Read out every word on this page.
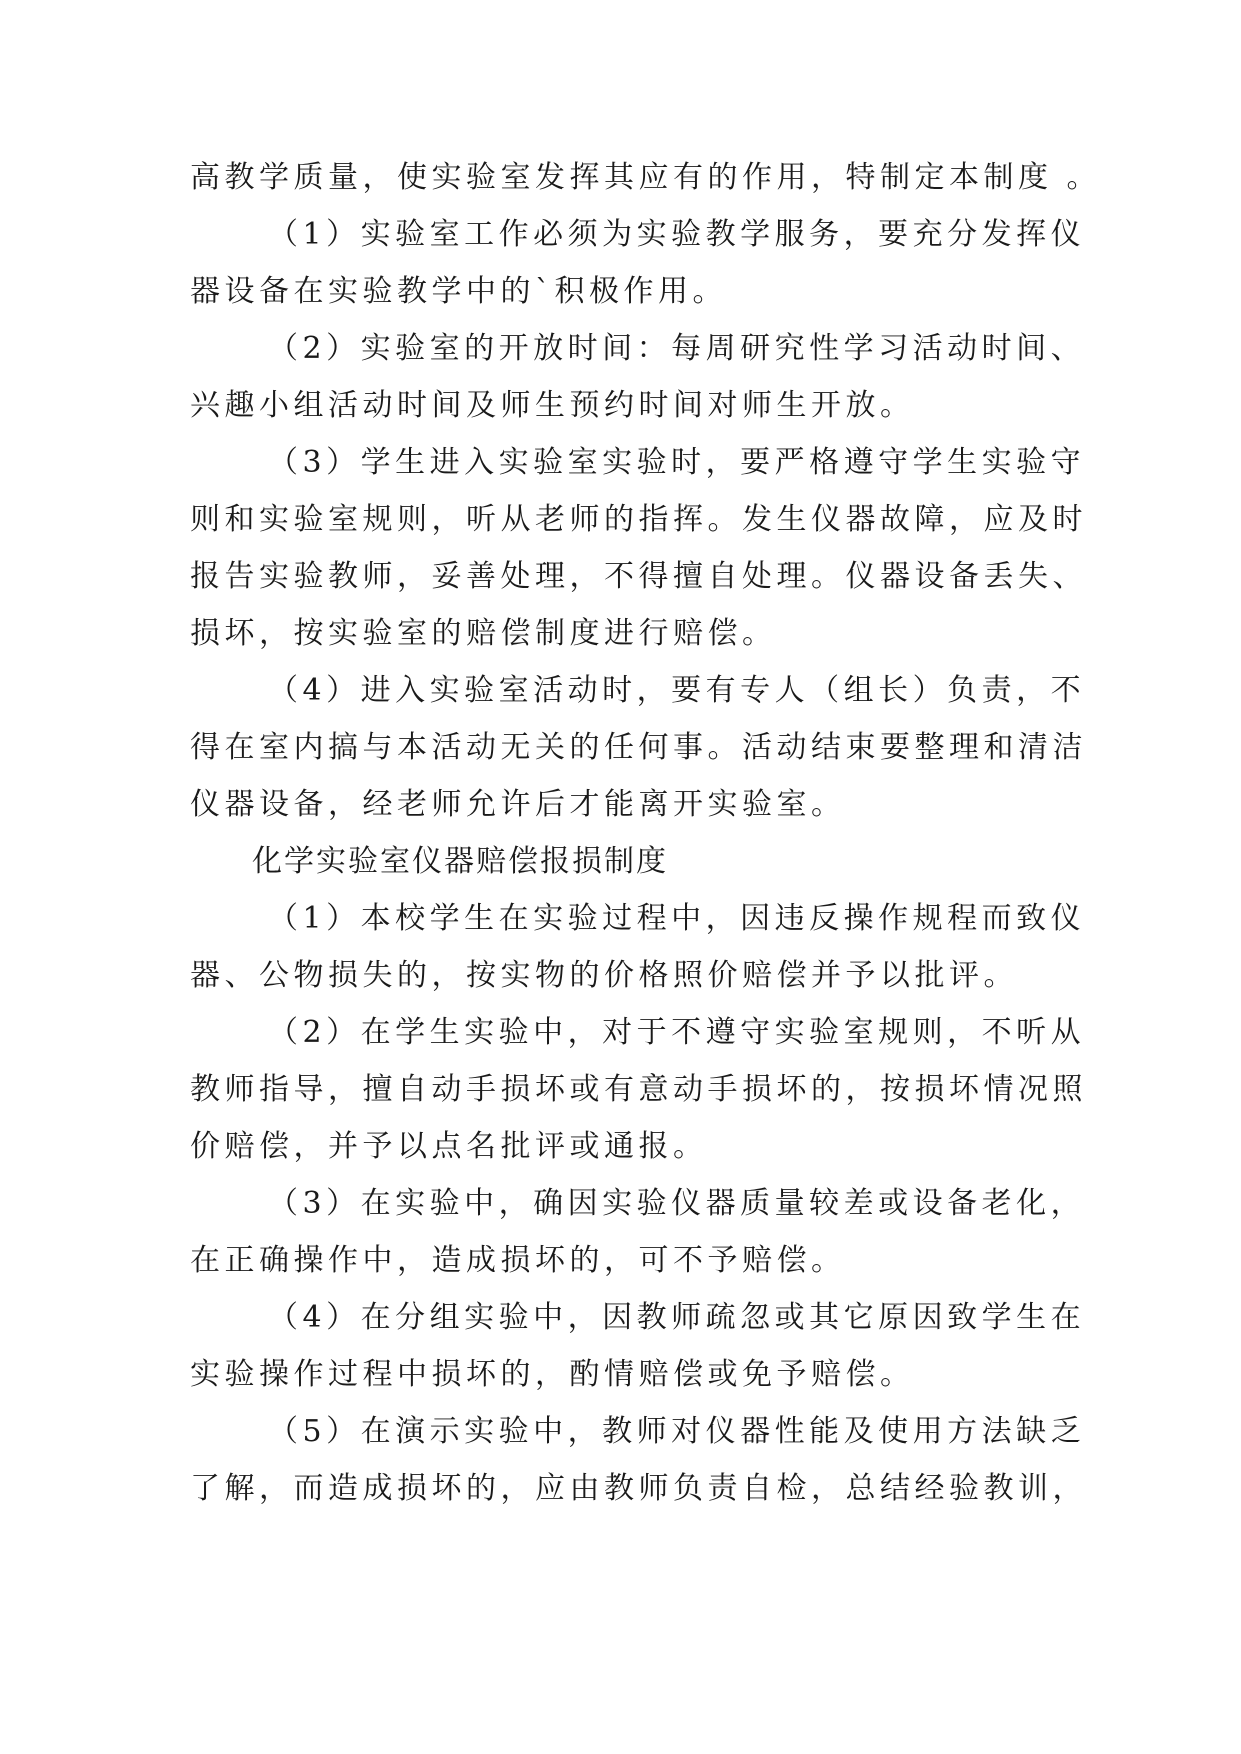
高教学质量，使实验室发挥其应有的作用，特制定本制度 。
（1）实验室工作必须为实验教学服务，要充分发挥仪
器设备在实验教学中的`积极作用。
（2）实验室的开放时间：每周研究性学习活动时间、
兴趣小组活动时间及师生预约时间对师生开放。
（3）学生进入实验室实验时，要严格遵守学生实验守
则和实验室规则，听从老师的指挥。发生仪器故障，应及时
报告实验教师，妥善处理，不得擅自处理。仪器设备丢失、
损坏，按实验室的赔偿制度进行赔偿。
（4）进入实验室活动时，要有专人（组长）负责，不
得在室内搞与本活动无关的任何事。活动结束要整理和清洁
仪器设备，经老师允许后才能离开实验室。
化学实验室仪器赔偿报损制度
（1）本校学生在实验过程中，因违反操作规程而致仪
器、公物损失的，按实物的价格照价赔偿并予以批评。
（2）在学生实验中，对于不遵守实验室规则，不听从
教师指导，擅自动手损坏或有意动手损坏的，按损坏情况照
价赔偿，并予以点名批评或通报。
（3）在实验中，确因实验仪器质量较差或设备老化，
在正确操作中，造成损坏的，可不予赔偿。
（4）在分组实验中，因教师疏忽或其它原因致学生在
实验操作过程中损坏的，酌情赔偿或免予赔偿。
（5）在演示实验中，教师对仪器性能及使用方法缺乏
了解，而造成损坏的，应由教师负责自检，总结经验教训，
